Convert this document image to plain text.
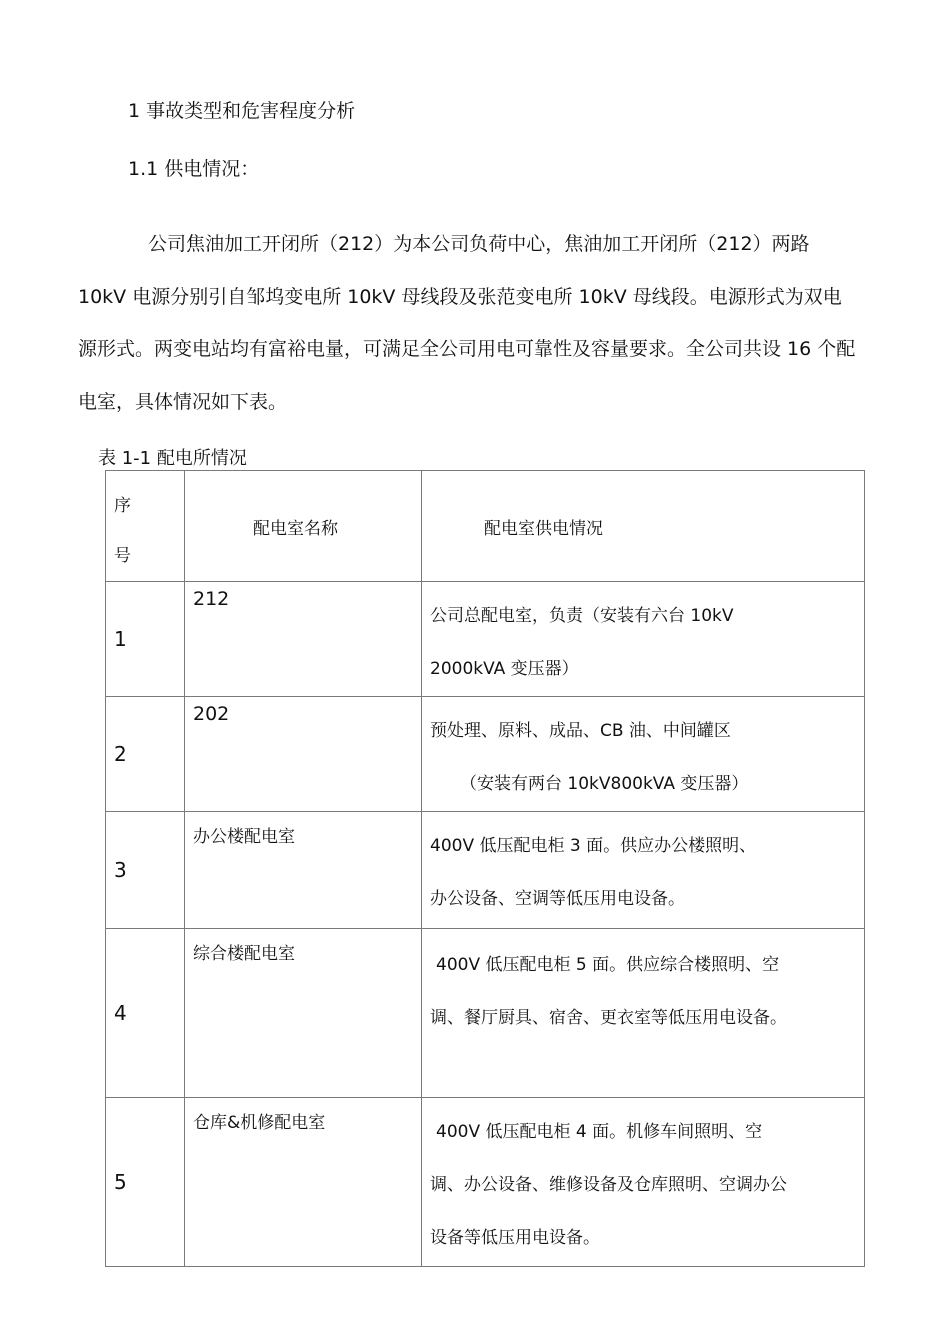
1 事故类型和危害程度分析
1.1 供电情况：
公司焦油加工开闭所（212）为本公司负荷中心，焦油加工开闭所（212）两路
10kV 电源分别引自邹坞变电所 10kV 母线段及张范变电所 10kV 母线段。电源形式为双电
源形式。两变电站均有富裕电量，可满足全公司用电可靠性及容量要求。全公司共设 16 个配
电室，具体情况如下表。
表 1-1 配电所情况
序
号	配电室名称	配电室供电情况

1	212	公司总配电室，负责（安装有六台 10kV
2000kVA 变压器）

2	202	预处理、原料、成品、CB 油、中间罐区
（安装有两台 10kV800kVA 变压器）

3	办公楼配电室	400V 低压配电柜 3 面。供应办公楼照明、
办公设备、空调等低压用电设备。

4	综合楼配电室	400V 低压配电柜 5 面。供应综合楼照明、空
调、餐厅厨具、宿舍、更衣室等低压用电设备。

5	仓库&机修配电室	400V 低压配电柜 4 面。机修车间照明、空
调、办公设备、维修设备及仓库照明、空调办公
设备等低压用电设备。
